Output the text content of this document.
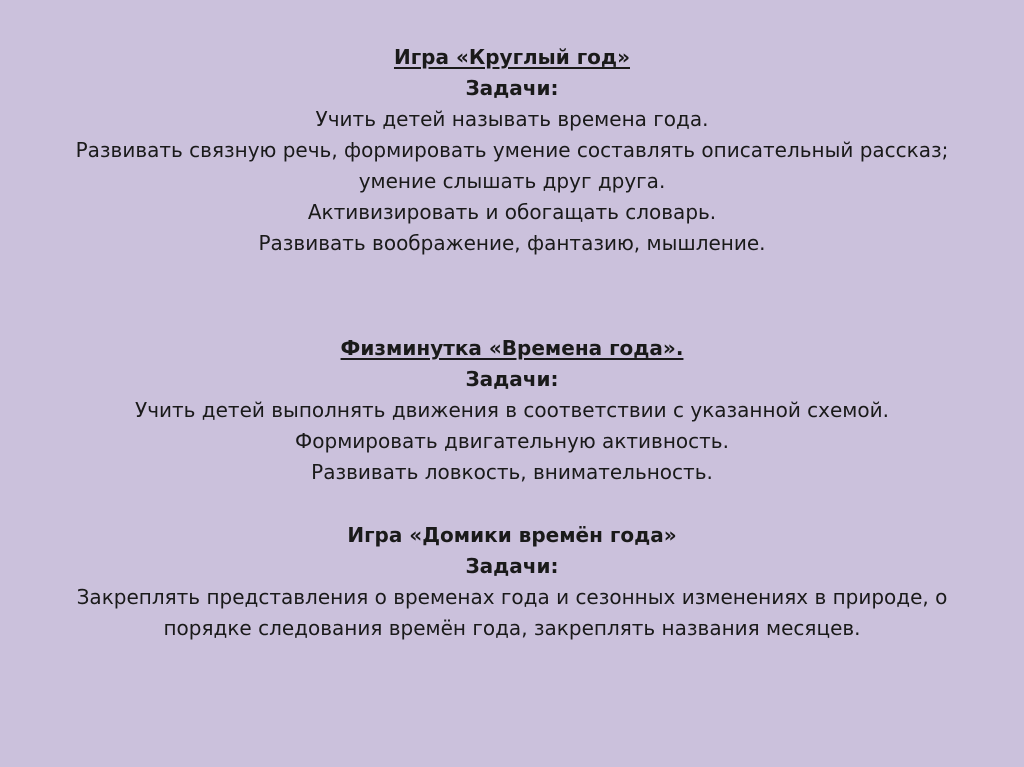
Игра «Круглый год»

Задачи:

Учить детей называть времена года.

Развивать связную речь, формировать умение составлять описательный рассказ;

умение слышать друг друга.

Активизировать и обогащать словарь.

Развивать воображение, фантазию, мышление.

Физминутка «Времена года».

Задачи:

Учить детей выполнять движения в соответствии с указанной схемой.

Формировать двигательную активность.

Развивать ловкость, внимательность.

Игра «Домики времён года»

Задачи:

Закреплять представления о временах года и сезонных изменениях в природе, о

порядке следования времён года, закреплять названия месяцев.
